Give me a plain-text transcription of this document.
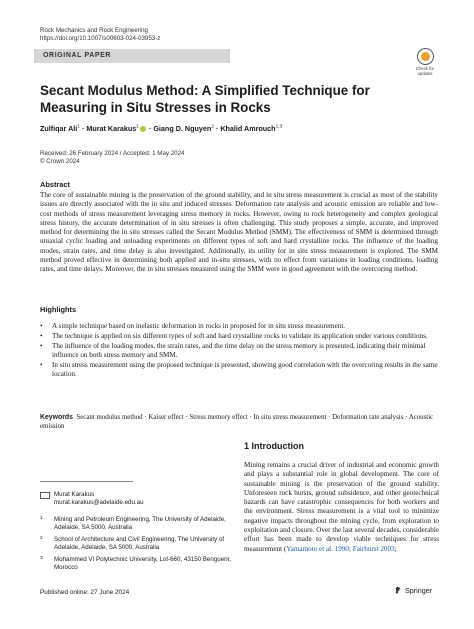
Rock Mechanics and Rock Engineering
https://doi.org/10.1007/s00603-024-03953-z
ORIGINAL PAPER
Check for
updates
Secant Modulus Method: A Simplified Technique for Measuring in Situ Stresses in Rocks
Zulfiqar Ali$^1$ · Murat Karakus$^1$ · Giang D. Nguyen$^2$ · Khalid Amrouch$^{1,3}$
Received: 26 February 2024 / Accepted: 1 May 2024
© Crown 2024
Abstract
The core of sustainable mining is the preservation of the ground stability, and in situ stress measurement is crucial as most of the stability issues are directly associated with the in situ and induced stresses. Deformation rate analysis and acoustic emission are reliable and low-cost methods of stress measurement leveraging stress memory in rocks. However, owing to rock heterogeneity and complex geological stress history, the accurate determination of in situ stresses is often challenging. This study proposes a simple, accurate, and improved method for determining the in situ stresses called the Secant Modulus Method (SMM). The effectiveness of SMM is determined through uniaxial cyclic loading and unloading experiments on different types of soft and hard crystalline rocks. The influence of the loading modes, strain rates, and time delay is also investigated. Additionally, its utility for in situ stress measurement is explored. The SMM method proved effective in determining both applied and in-situ stresses, with no effect from variations in loading conditions, loading rates, and time delays. Moreover, the in situ stresses measured using the SMM were in good agreement with the overcoring method.
Highlights
• A simple technique based on inelastic deformation in rocks in proposed for in situ stress measurement.
• The technique is applied on six different types of soft and hard crystalline rocks to validate its application under various conditions.
• The influence of the loading modes, the strain rates, and the time delay on the stress memory is presented, indicating their minimal influence on both stress memory and SMM.
• In situ stress measurement using the proposed technique is presented, showing good correlation with the overcoring results in the same location.
Keywords Secant modulus method · Kaiser effect · Stress memory effect · In situ stress measurement · Deformation rate analysis · Acoustic emission
1 Introduction
Mining remains a crucial driver of industrial and economic growth and plays a substantial role in global development. The core of sustainable mining is the preservation of the ground stability. Unforeseen rock bursts, ground subsidence, and other geotechnical hazards can have catastrophic consequences for both workers and the environment. Stress measurement is a vital tool to minimize negative impacts throughout the mining cycle, from exploration to exploitation and closure. Over the last several decades, considerable effort has been made to develop viable techniques for stress measurement (Yamamoto et al. 1990; Fairhurst 2003;
Murat Karakus
murat.karakus@adelaide.edu.au
1 Mining and Petroleum Engineering, The University of Adelaide, Adelaide, SA 5000, Australia
2 School of Architecture and Civil Engineering, The University of Adelaide, Adelaide, SA 5000, Australia
3 Mohammed VI Polytechnic University, Lot-660, 43150 Benguerir, Morocco
Published online: 27 June 2024	Springer
